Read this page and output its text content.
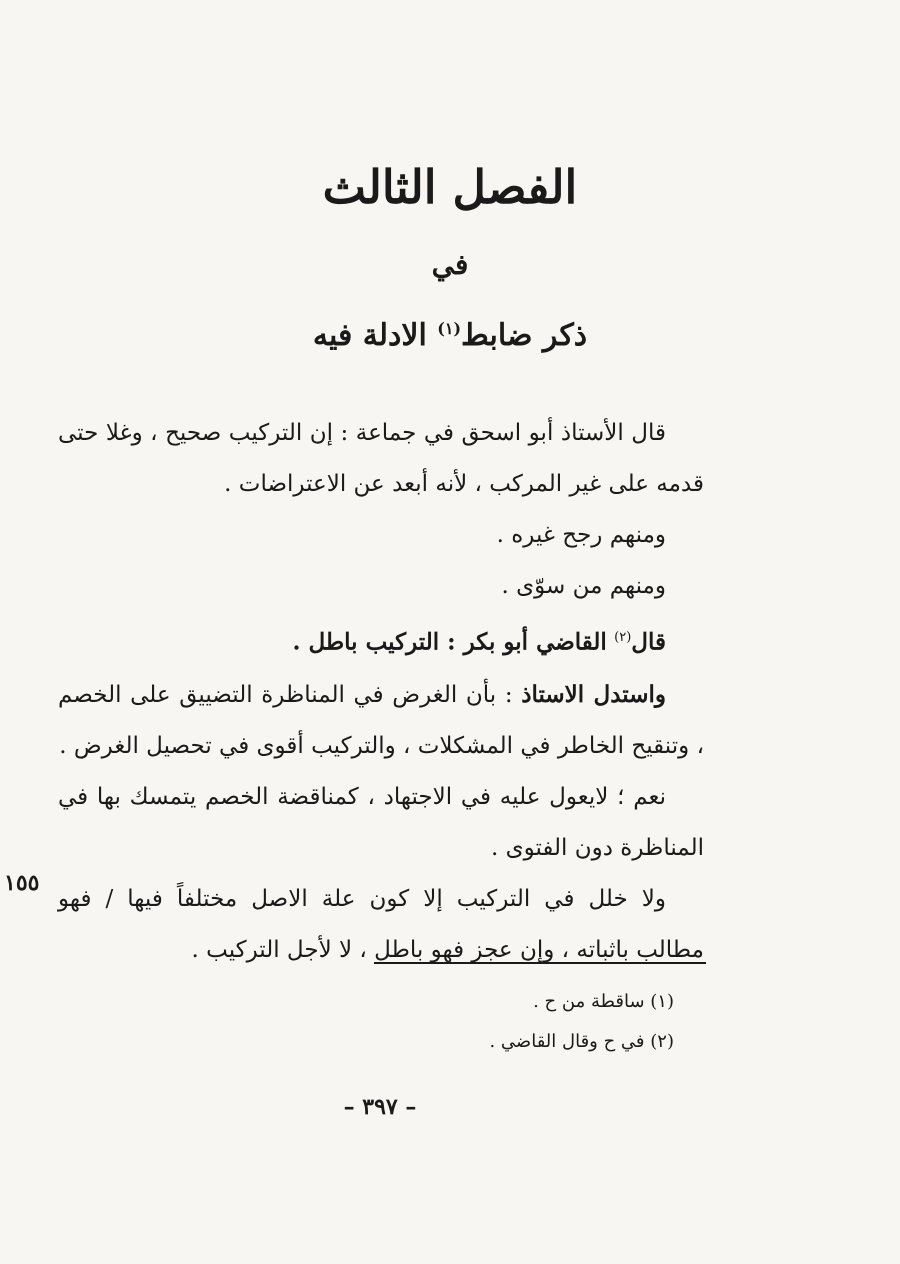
الفصل الثالث
في
ذكر ضابط$^{(١)}$ الادلة فيه

قال الأستاذ أبو اسحق في جماعة : إن التركيب صحيح ، وغلا حتى قدمه على غير المركب ، لأنه أبعد عن الاعتراضات .

ومنهم رجح غيره .

ومنهم من سوّى .

قال$^{(٢)}$ القاضي أبو بكر : التركيب باطل .

واستدل الاستاذ : بأن الغرض في المناظرة التضييق على الخصم ، وتنقيح الخاطر في المشكلات ، والتركيب أقوى في تحصيل الغرض .

نعم ؛ لايعول عليه في الاجتهاد ، كمناقضة الخصم يتمسك بها في المناظرة دون الفتوى .

ولا خلل في التركيب إلا كون علة الاصل مختلفاً فيها / فهو مطالب باثباته ، وإن عجز فهو باطل ، لا لأجل التركيب .

١٥٥
(١) ساقطة من ح .
(٢) في ح وقال القاضي .
– ٣٩٧ –
